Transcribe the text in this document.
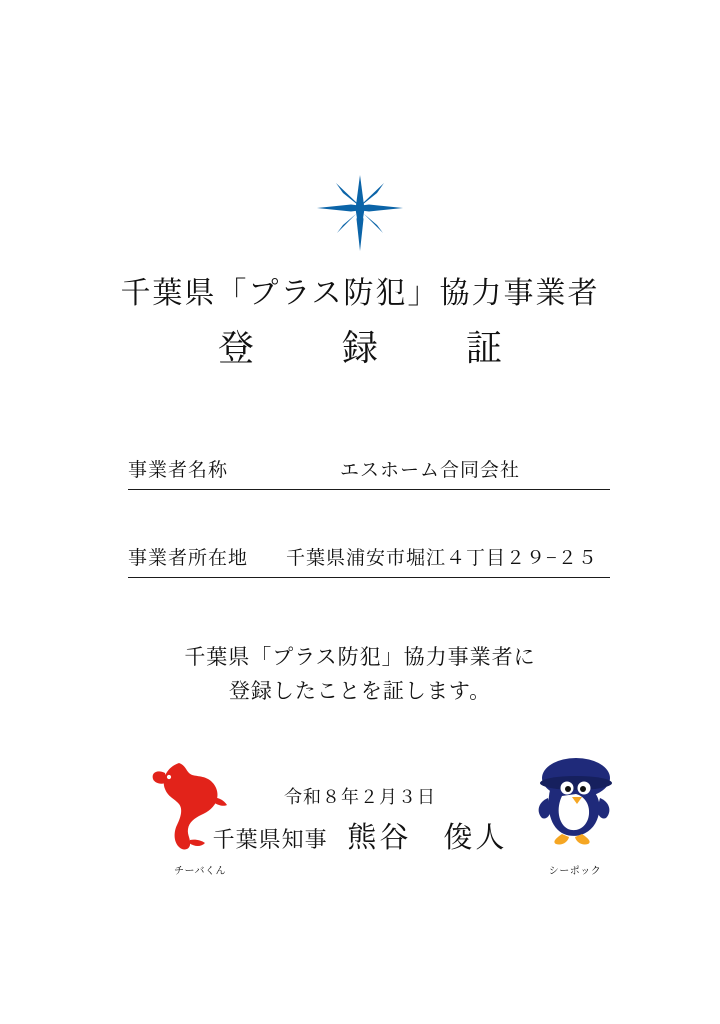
千葉県「プラス防犯」協力事業者
登　録　証
事業者名称	エスホーム合同会社
事業者所在地 千葉県浦安市堀江４丁目２９−２５
千葉県「プラス防犯」協力事業者に
登録したことを証します。
チーバくん	シーポック
令和８年２月３日
千葉県知事 熊谷　俊人
